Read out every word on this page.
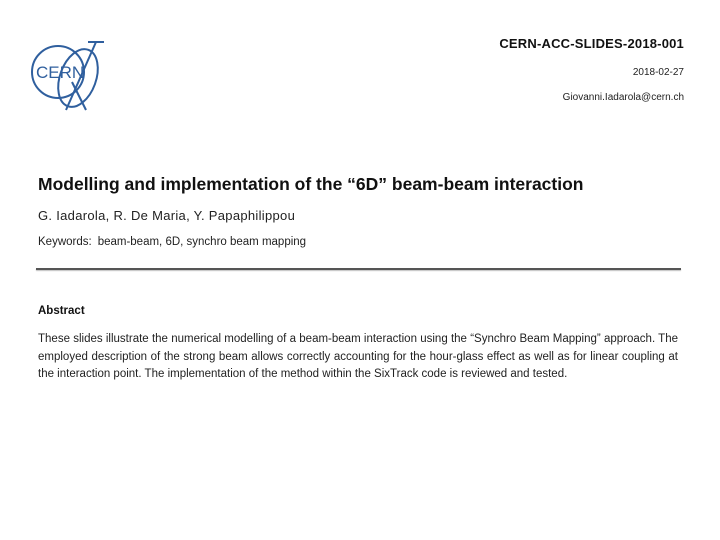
CERN
CERN-ACC-SLIDES-2018-001
2018-02-27
Giovanni.Iadarola@cern.ch
Modelling and implementation of the “6D” beam-beam interaction
G. Iadarola, R. De Maria, Y. Papaphilippou
Keywords: beam-beam, 6D, synchro beam mapping
Abstract

These slides illustrate the numerical modelling of a beam-beam interaction using the “Synchro Beam Mapping” approach. The employed description of the strong beam allows correctly accounting for the hour-glass effect as well as for linear coupling at the interaction point. The implementation of the method within the SixTrack code is reviewed and tested.
